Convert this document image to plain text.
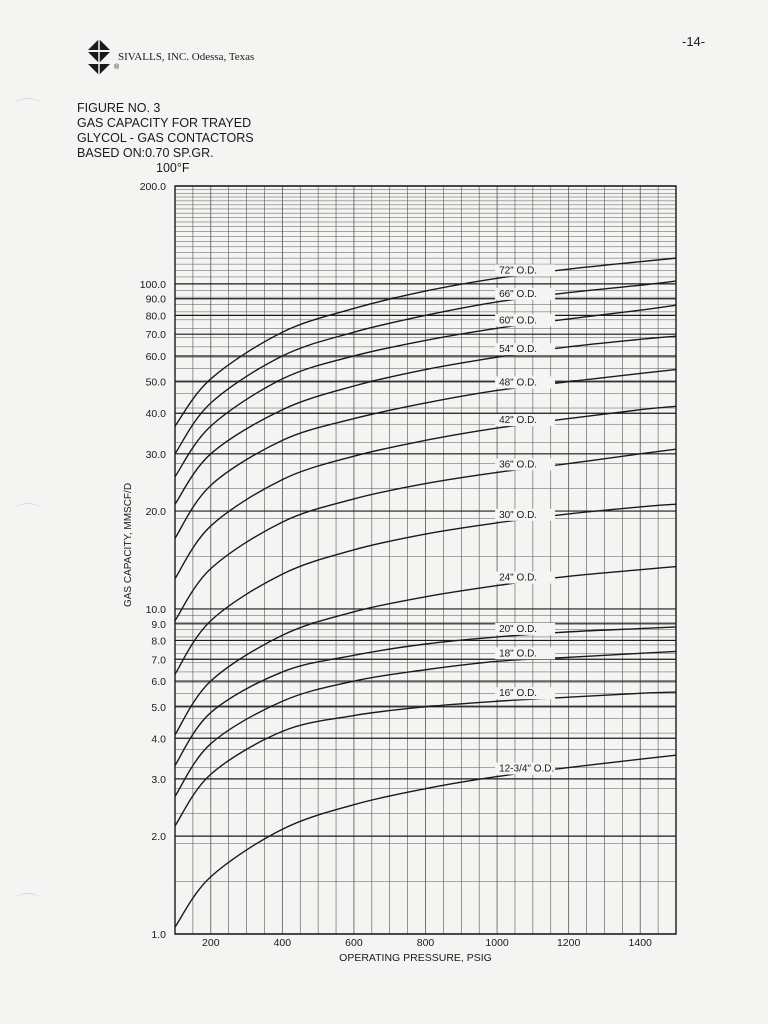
-14-
SIVALLS, INC. Odessa, Texas
®
FIGURE NO. 3
GAS CAPACITY FOR TRAYED
GLYCOL - GAS CONTACTORS
BASED ON:0.70 SP.GR.
100°F
1.0
2.0
3.0
4.0
5.0
6.0
7.0
8.0
9.0
10.0
20.0
30.0
40.0
50.0
60.0
70.0
80.0
90.0
100.0
200.0
200	400	600	800	1000	1200	1400
OPERATING PRESSURE, PSIG
GAS CAPACITY, MMSCF/D
72" O.D.
66" O.D.
60" O.D.
54" O.D.
48" O.D.
42" O.D.
36" O.D.
30" O.D.
24" O.D.
20" O.D.
18" O.D.
16" O.D.
12-3/4" O.D.
